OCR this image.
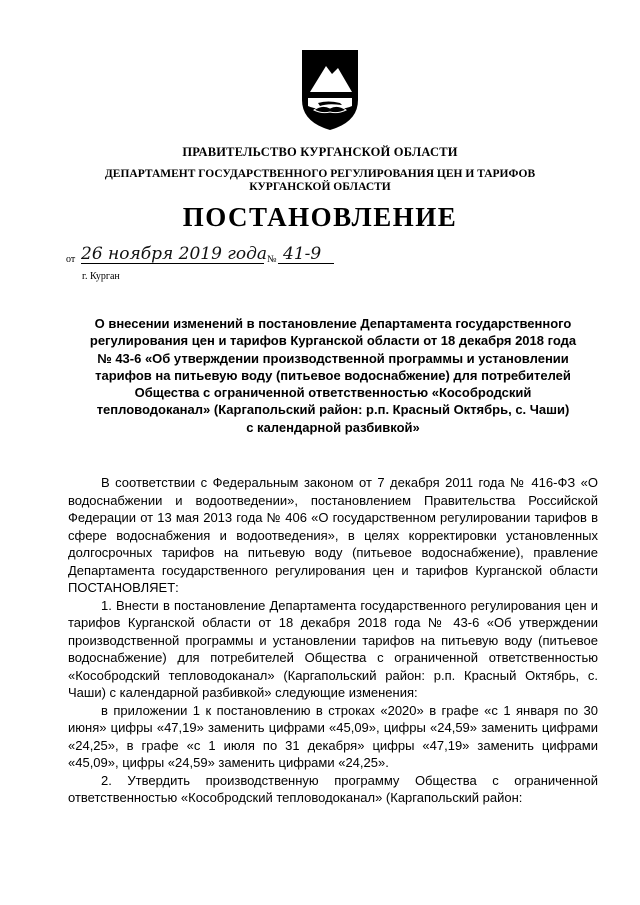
ПРАВИТЕЛЬСТВО КУРГАНСКОЙ ОБЛАСТИ
ДЕПАРТАМЕНТ ГОСУДАРСТВЕННОГО РЕГУЛИРОВАНИЯ ЦЕН И ТАРИФОВ
КУРГАНСКОЙ ОБЛАСТИ
ПОСТАНОВЛЕНИЕ
от 26 ноября 2019 года № 41-9
г. Курган
О внесении изменений в постановление Департамента государственного
регулирования цен и тарифов Курганской области от 18 декабря 2018 года
№ 43-6 «Об утверждении производственной программы и установлении
тарифов на питьевую воду (питьевое водоснабжение) для потребителей
Общества с ограниченной ответственностью «Кособродский
тепловодоканал» (Каргапольский район: р.п. Красный Октябрь, с. Чаши)
с календарной разбивкой»

В соответствии с Федеральным законом от 7 декабря 2011 года № 416-ФЗ «О водоснабжении и водоотведении», постановлением Правительства Российской Федерации от 13 мая 2013 года № 406 «О государственном регулировании тарифов в сфере водоснабжения и водоотведения», в целях корректировки установленных долгосрочных тарифов на питьевую воду (питьевое водоснабжение), правление Департамента государственного регулирования цен и тарифов Курганской области ПОСТАНОВЛЯЕТ:

1. Внести в постановление Департамента государственного регулирования цен и тарифов Курганской области от 18 декабря 2018 года № 43-6 «Об утверждении производственной программы и установлении тарифов на питьевую воду (питьевое водоснабжение) для потребителей Общества с ограниченной ответственностью «Кособродский тепловодоканал» (Каргапольский район: р.п. Красный Октябрь, с. Чаши) с календарной разбивкой» следующие изменения:

в приложении 1 к постановлению в строках «2020» в графе «с 1 января по 30 июня» цифры «47,19» заменить цифрами «45,09», цифры «24,59» заменить цифрами «24,25», в графе «с 1 июля по 31 декабря» цифры «47,19» заменить цифрами «45,09», цифры «24,59» заменить цифрами «24,25».

2. Утвердить производственную программу Общества с ограниченной ответственностью «Кособродский тепловодоканал» (Каргапольский район:
